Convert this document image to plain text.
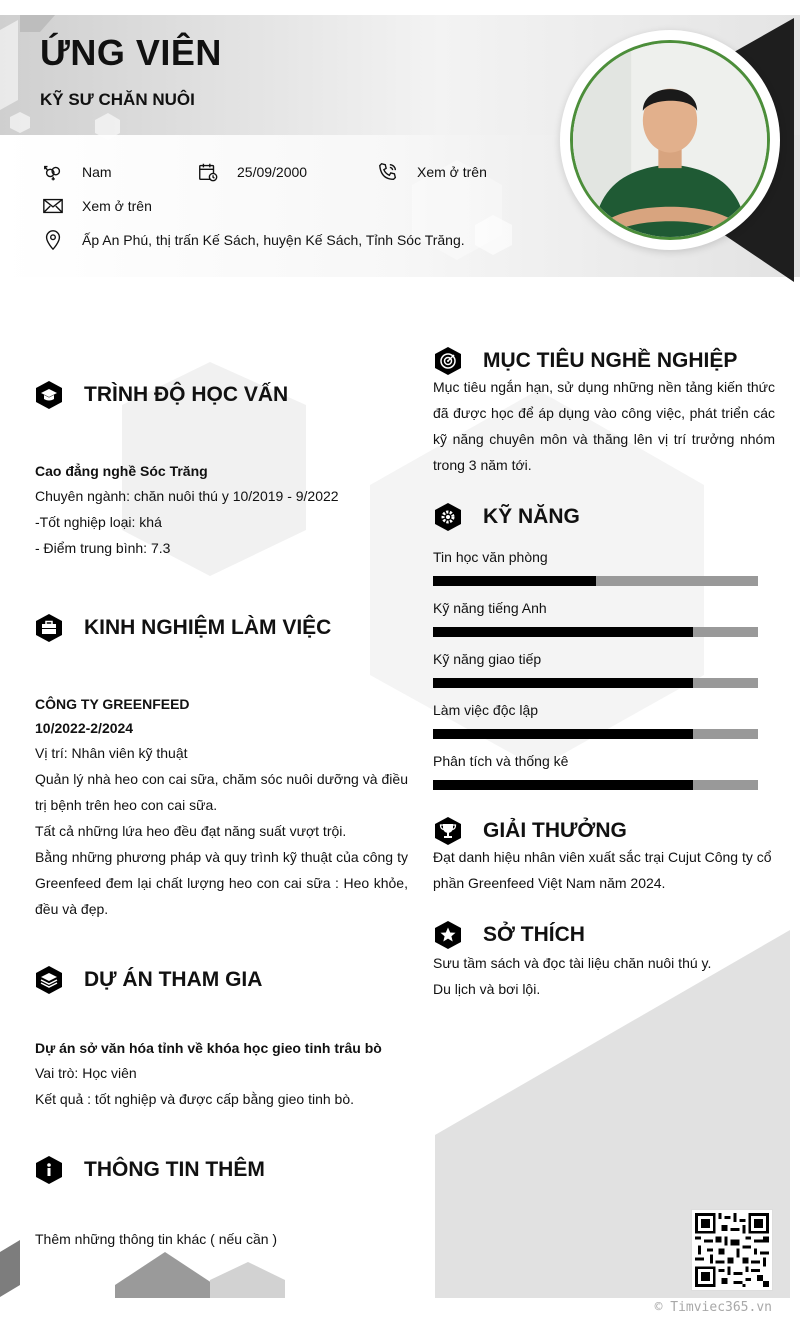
ỨNG VIÊN
KỸ SƯ CHĂN NUÔI
Nam	25/09/2000	Xem ở trên
Xem ở trên
Ấp An Phú, thị trấn Kế Sách, huyện Kế Sách, Tỉnh Sóc Trăng.
TRÌNH ĐỘ HỌC VẤN
Cao đẳng nghề Sóc Trăng
Chuyên ngành: chăn nuôi thú y 10/2019 - 9/2022
-Tốt nghiệp loại: khá
- Điểm trung bình: 7.3
KINH NGHIỆM LÀM VIỆC
CÔNG TY GREENFEED
10/2022-2/2024
Vị trí: Nhân viên kỹ thuật
Quản lý nhà heo con cai sữa, chăm sóc nuôi dưỡng và điều trị bệnh trên heo con cai sữa.
Tất cả những lứa heo đều đạt năng suất vượt trội.
Bằng những phương pháp và quy trình kỹ thuật của công ty Greenfeed đem lại chất lượng heo con cai sữa : Heo khỏe, đều và đẹp.
DỰ ÁN THAM GIA
Dự án sở văn hóa tỉnh về khóa học gieo tinh trâu bò
Vai trò: Học viên
Kết quả : tốt nghiệp và được cấp bằng gieo tinh bò.
THÔNG TIN THÊM
Thêm những thông tin khác ( nếu cần )
MỤC TIÊU NGHỀ NGHIỆP
Mục tiêu ngắn hạn, sử dụng những nền tảng kiến thức đã được học để áp dụng vào công việc, phát triển các kỹ năng chuyên môn và thăng lên vị trí trưởng nhóm trong 3 năm tới.
KỸ NĂNG
Tin học văn phòng
Kỹ năng tiếng Anh
Kỹ năng giao tiếp
Làm việc độc lập
Phân tích và thống kê
GIẢI THƯỞNG
Đạt danh hiệu nhân viên xuất sắc trại Cujut Công ty cổ phần Greenfeed Việt Nam năm 2024.
SỞ THÍCH
Sưu tầm sách và đọc tài liệu chăn nuôi thú y.
Du lịch và bơi lội.
© Timviec365.vn
